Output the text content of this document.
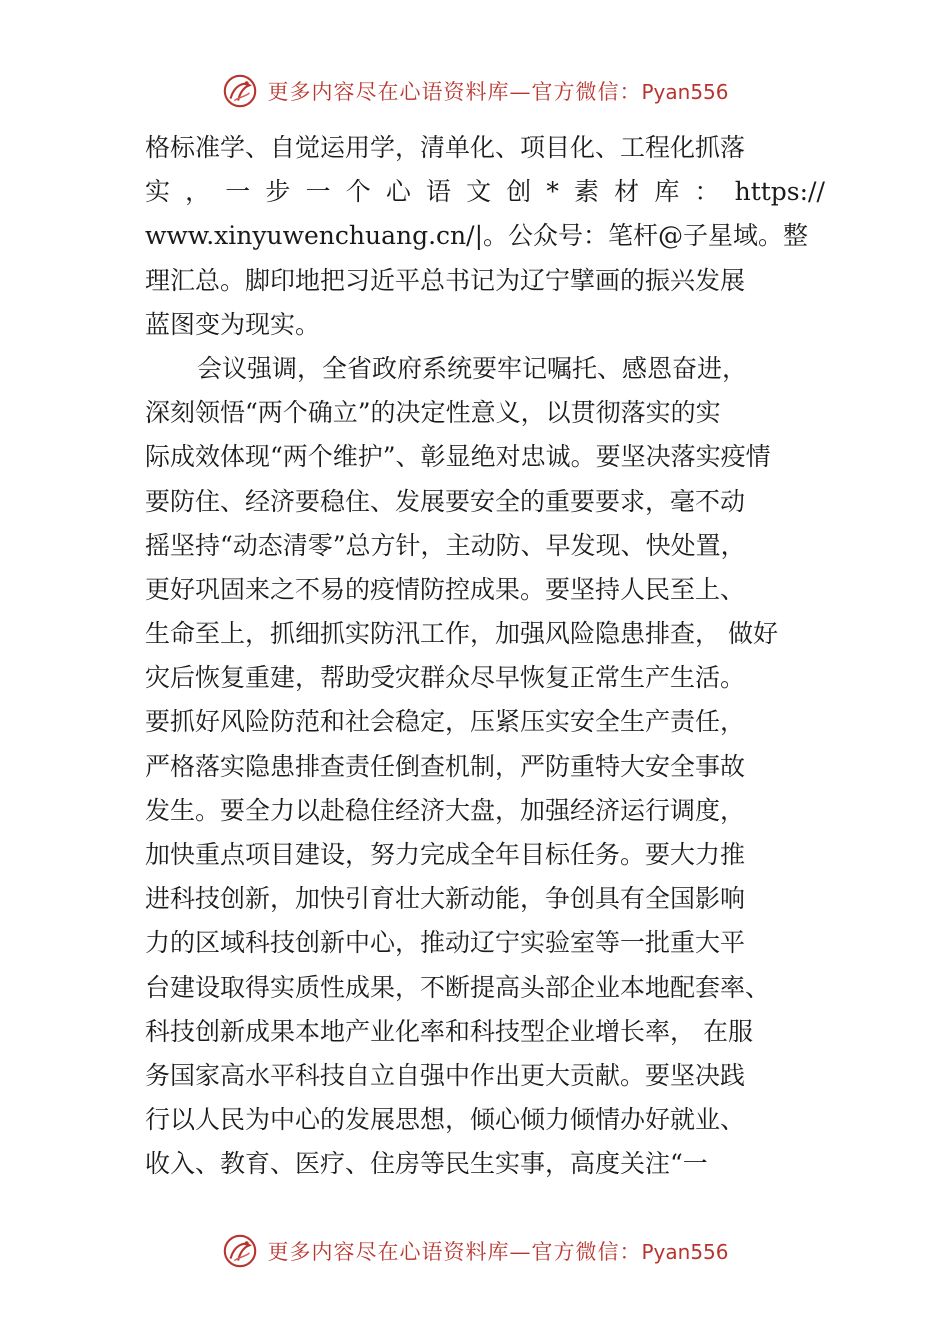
更多内容尽在心语资料库—官方微信：Pyan556
格标准学、自觉运用学，清单化、项目化、工程化抓落
实 ， 一 步 一 个 心 语 文 创 * 素 材 库 ： https://
www.xinyuwenchuang.cn/|。公众号：笔杆@子星域。整
理汇总。脚印地把习近平总书记为辽宁擘画的振兴发展
蓝图变为现实。
会议强调，全省政府系统要牢记嘱托、感恩奋进，
深刻领悟“两个确立”的决定性意义，以贯彻落实的实
际成效体现“两个维护”、彰显绝对忠诚。要坚决落实疫情
要防住、经济要稳住、发展要安全的重要要求，毫不动
摇坚持“动态清零”总方针，主动防、早发现、快处置，
更好巩固来之不易的疫情防控成果。要坚持人民至上、
生命至上，抓细抓实防汛工作，加强风险隐患排查， 做好
灾后恢复重建，帮助受灾群众尽早恢复正常生产生活。
要抓好风险防范和社会稳定，压紧压实安全生产责任，
严格落实隐患排查责任倒查机制，严防重特大安全事故
发生。要全力以赴稳住经济大盘，加强经济运行调度，
加快重点项目建设，努力完成全年目标任务。要大力推
进科技创新，加快引育壮大新动能，争创具有全国影响
力的区域科技创新中心，推动辽宁实验室等一批重大平
台建设取得实质性成果，不断提高头部企业本地配套率、
科技创新成果本地产业化率和科技型企业增长率， 在服
务国家高水平科技自立自强中作出更大贡献。要坚决践
行以人民为中心的发展思想，倾心倾力倾情办好就业、
收入、教育、医疗、住房等民生实事，高度关注“一
更多内容尽在心语资料库—官方微信：Pyan556
